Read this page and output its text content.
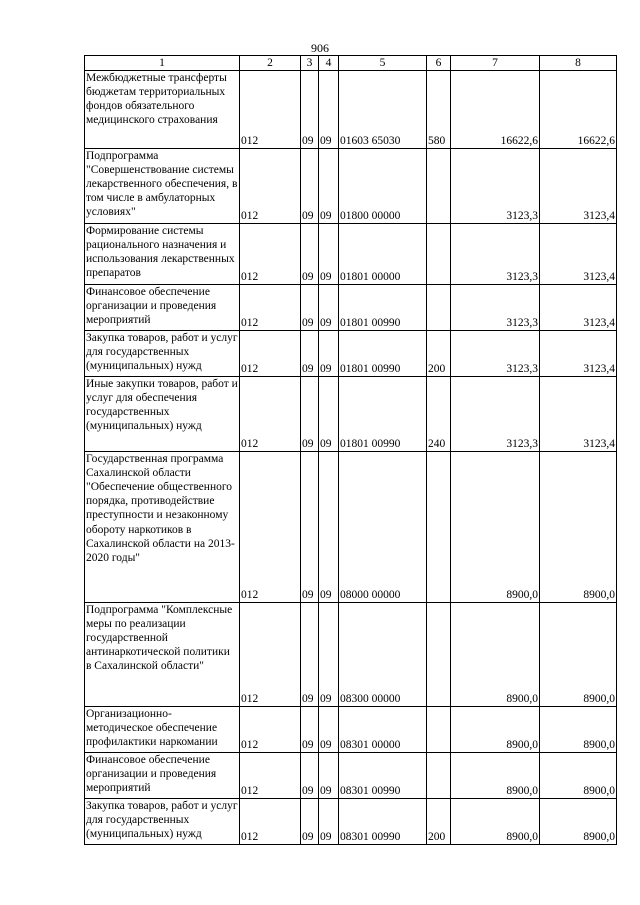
906
1	2	3	4	5	6	7	8
Межбюджетные трансферты бюджетам территориальных фондов обязательного медицинского страхования	012	09	09	01603 65030	580	16622,6	16622,6
Подпрограмма "Совершенствование системы лекарственного обеспечения, в том числе в амбулаторных условиях"	012	09	09	01800 00000		3123,3	3123,4
Формирование системы рационального назначения и использования лекарственных препаратов	012	09	09	01801 00000		3123,3	3123,4
Финансовое обеспечение организации и проведения мероприятий	012	09	09	01801 00990		3123,3	3123,4
Закупка товаров, работ и услуг для государственных (муниципальных) нужд	012	09	09	01801 00990	200	3123,3	3123,4
Иные закупки товаров, работ и услуг для обеспечения государственных (муниципальных) нужд	012	09	09	01801 00990	240	3123,3	3123,4
Государственная программа Сахалинской области "Обеспечение общественного порядка, противодействие преступности и незаконному обороту наркотиков в Сахалинской области на 2013-2020 годы"	012	09	09	08000 00000		8900,0	8900,0
Подпрограмма "Комплексные меры по реализации государственной антинаркотической политики в Сахалинской области"	012	09	09	08300 00000		8900,0	8900,0
Организационно-методическое обеспечение профилактики наркомании	012	09	09	08301 00000		8900,0	8900,0
Финансовое обеспечение организации и проведения мероприятий	012	09	09	08301 00990		8900,0	8900,0
Закупка товаров, работ и услуг для государственных (муниципальных) нужд	012	09	09	08301 00990	200	8900,0	8900,0
